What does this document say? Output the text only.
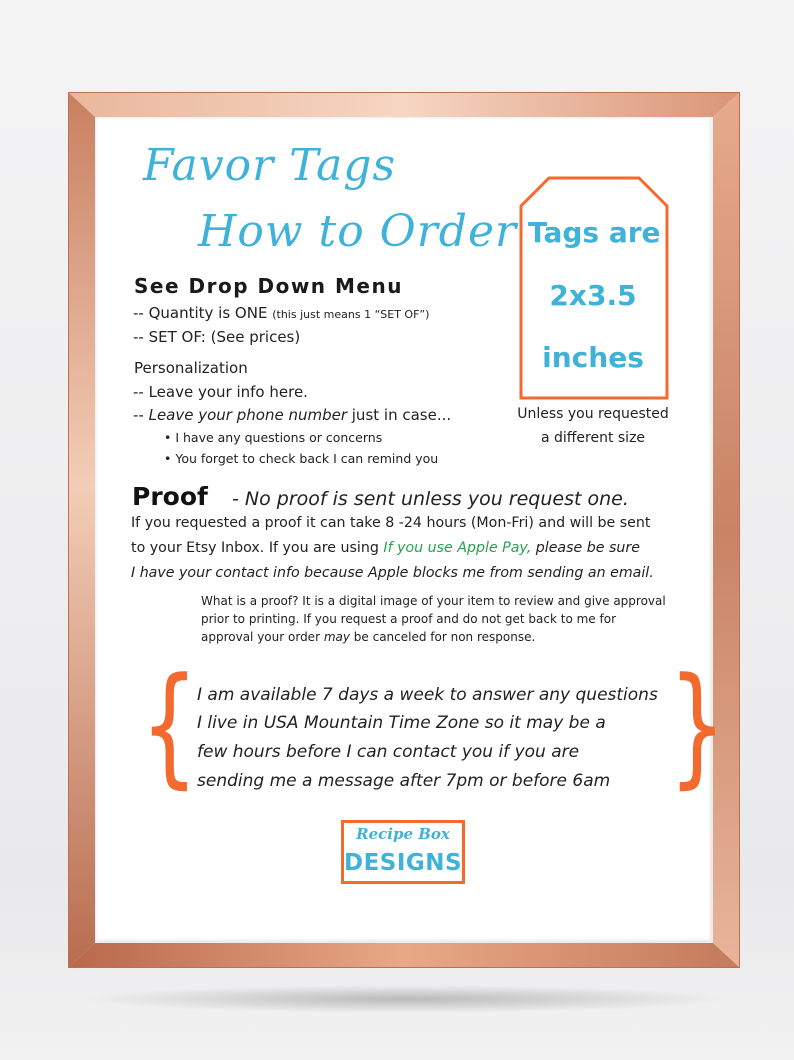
Favor Tags
How to Order
See Drop Down Menu
-- Quantity is ONE (this just means 1 “SET OF”)
-- SET OF: (See prices)
Personalization
-- Leave your info here.
-- Leave your phone number just in case...
• I have any questions or concerns
• You forget to check back I can remind you
Tags are
2x3.5
inches
Unless you requested
a different size
Proof - No proof is sent unless you request one.
If you requested a proof it can take 8 -24 hours (Mon-Fri) and will be sent
to your Etsy Inbox. If you are using If you use Apple Pay, please be sure
I have your contact info because Apple blocks me from sending an email.
What is a proof? It is a digital image of your item to review and give approval
prior to printing. If you request a proof and do not get back to me for
approval your order may be canceled for non response.
{	}
I am available 7 days a week to answer any questions
I live in USA Mountain Time Zone so it may be a
few hours before I can contact you if you are
sending me a message after 7pm or before 6am
Recipe Box
DESIGNS
